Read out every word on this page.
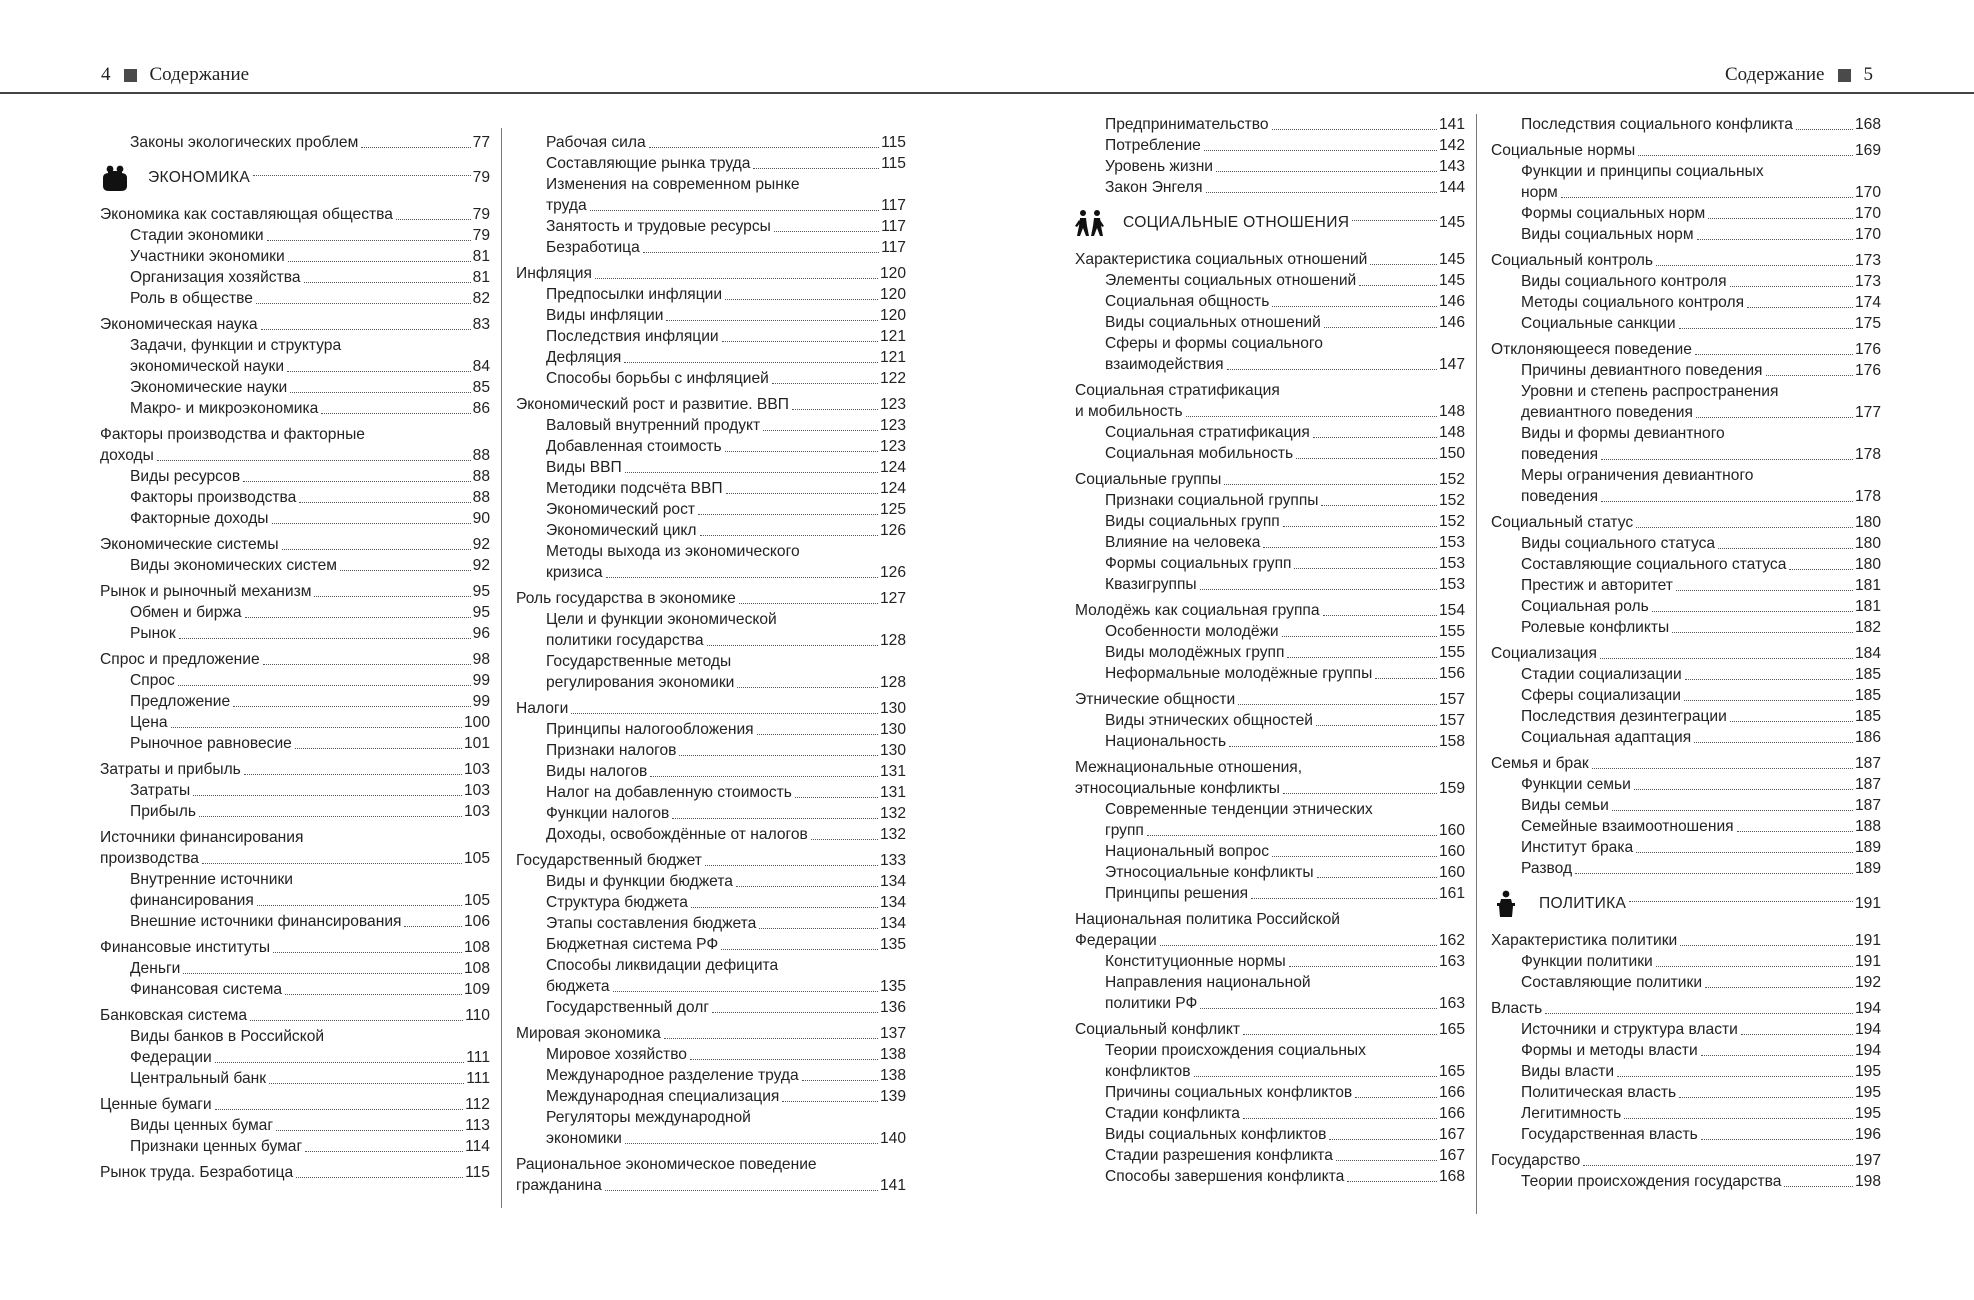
4 Содержание	Содержание 5
Законы экологических проблем	77
ЭКОНОМИКА	79
Экономика как составляющая общества	79
Стадии экономики	79
Участники экономики	81
Организация хозяйства	81
Роль в обществе	82
Экономическая наука	83
Задачи, функции и структура
экономической науки	84
Экономические науки	85
Макро- и микроэкономика	86
Факторы производства и факторные
доходы	88
Виды ресурсов	88
Факторы производства	88
Факторные доходы	90
Экономические системы	92
Виды экономических систем	92
Рынок и рыночный механизм	95
Обмен и биржа	95
Рынок	96
Спрос и предложение	98
Спрос	99
Предложение	99
Цена	100
Рыночное равновесие	101
Затраты и прибыль	103
Затраты	103
Прибыль	103
Источники финансирования
производства	105
Внутренние источники
финансирования	105
Внешние источники финансирования	106
Финансовые институты	108
Деньги	108
Финансовая система	109
Банковская система	110
Виды банков в Российской
Федерации	111
Центральный банк	111
Ценные бумаги	112
Виды ценных бумаг	113
Признаки ценных бумаг	114
Рынок труда. Безработица	115
Рабочая сила	115
Составляющие рынка труда	115
Изменения на современном рынке
труда	117
Занятость и трудовые ресурсы	117
Безработица	117
Инфляция	120
Предпосылки инфляции	120
Виды инфляции	120
Последствия инфляции	121
Дефляция	121
Способы борьбы с инфляцией	122
Экономический рост и развитие. ВВП	123
Валовый внутренний продукт	123
Добавленная стоимость	123
Виды ВВП	124
Методики подсчёта ВВП	124
Экономический рост	125
Экономический цикл	126
Методы выхода из экономического
кризиса	126
Роль государства в экономике	127
Цели и функции экономической
политики государства	128
Государственные методы
регулирования экономики	128
Налоги	130
Принципы налогообложения	130
Признаки налогов	130
Виды налогов	131
Налог на добавленную стоимость	131
Функции налогов	132
Доходы, освобождённые от налогов	132
Государственный бюджет	133
Виды и функции бюджета	134
Структура бюджета	134
Этапы составления бюджета	134
Бюджетная система РФ	135
Способы ликвидации дефицита
бюджета	135
Государственный долг	136
Мировая экономика	137
Мировое хозяйство	138
Международное разделение труда	138
Международная специализация	139
Регуляторы международной
экономики	140
Рациональное экономическое поведение
гражданина	141
Предпринимательство	141
Потребление	142
Уровень жизни	143
Закон Энгеля	144
СОЦИАЛЬНЫЕ ОТНОШЕНИЯ	145
Характеристика социальных отношений	145
Элементы социальных отношений	145
Социальная общность	146
Виды социальных отношений	146
Сферы и формы социального
взаимодействия	147
Социальная стратификация
и мобильность	148
Социальная стратификация	148
Социальная мобильность	150
Социальные группы	152
Признаки социальной группы	152
Виды социальных групп	152
Влияние на человека	153
Формы социальных групп	153
Квазигруппы	153
Молодёжь как социальная группа	154
Особенности молодёжи	155
Виды молодёжных групп	155
Неформальные молодёжные группы	156
Этнические общности	157
Виды этнических общностей	157
Национальность	158
Межнациональные отношения,
этносоциальные конфликты	159
Современные тенденции этнических
групп	160
Национальный вопрос	160
Этносоциальные конфликты	160
Принципы решения	161
Национальная политика Российской
Федерации	162
Конституционные нормы	163
Направления национальной
политики РФ	163
Социальный конфликт	165
Теории происхождения социальных
конфликтов	165
Причины социальных конфликтов	166
Стадии конфликта	166
Виды социальных конфликтов	167
Стадии разрешения конфликта	167
Способы завершения конфликта	168
Последствия социального конфликта	168
Социальные нормы	169
Функции и принципы социальных
норм	170
Формы социальных норм	170
Виды социальных норм	170
Социальный контроль	173
Виды социального контроля	173
Методы социального контроля	174
Социальные санкции	175
Отклоняющееся поведение	176
Причины девиантного поведения	176
Уровни и степень распространения
девиантного поведения	177
Виды и формы девиантного
поведения	178
Меры ограничения девиантного
поведения	178
Социальный статус	180
Виды социального статуса	180
Составляющие социального статуса	180
Престиж и авторитет	181
Социальная роль	181
Ролевые конфликты	182
Социализация	184
Стадии социализации	185
Сферы социализации	185
Последствия дезинтеграции	185
Социальная адаптация	186
Семья и брак	187
Функции семьи	187
Виды семьи	187
Семейные взаимоотношения	188
Институт брака	189
Развод	189
ПОЛИТИКА	191
Характеристика политики	191
Функции политики	191
Составляющие политики	192
Власть	194
Источники и структура власти	194
Формы и методы власти	194
Виды власти	195
Политическая власть	195
Легитимность	195
Государственная власть	196
Государство	197
Теории происхождения государства	198
